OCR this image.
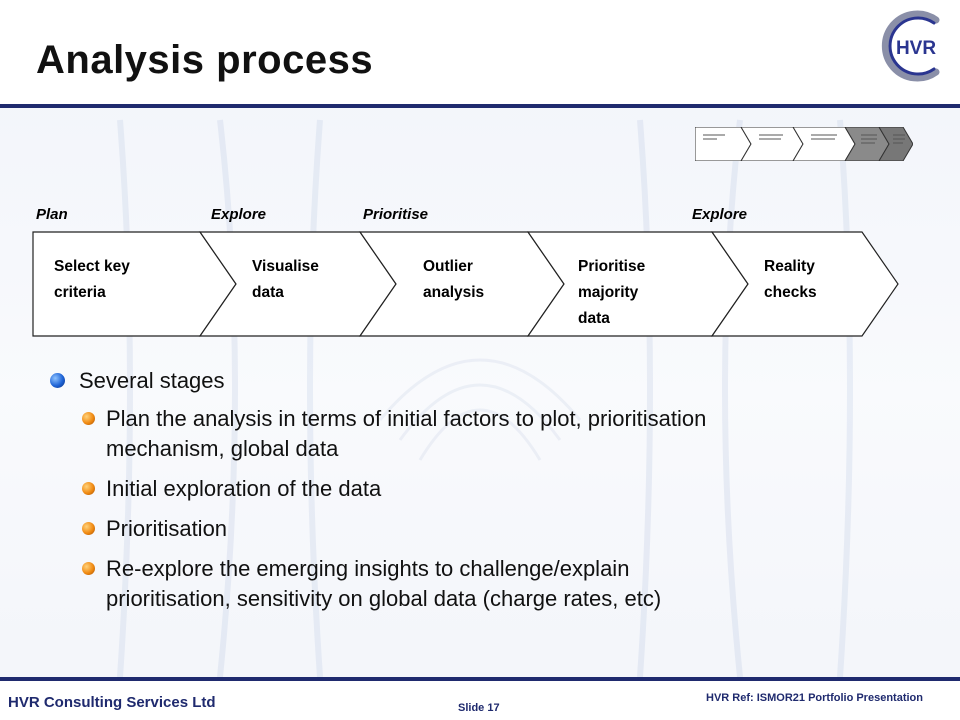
Analysis process	HVR
Plan	Explore	Prioritise	Explore
Select key
criteria
Visualise
data
Outlier
analysis
Prioritise
majority
data
Reality
checks
Several stages
Plan the analysis in terms of initial factors to plot, prioritisation
mechanism, global data
Initial exploration of the data
Prioritisation
Re-explore the emerging insights to challenge/explain
prioritisation, sensitivity on global data (charge rates, etc)
HVR Consulting Services Ltd	Slide 17
HVR Ref: ISMOR21 Portfolio Presentation
